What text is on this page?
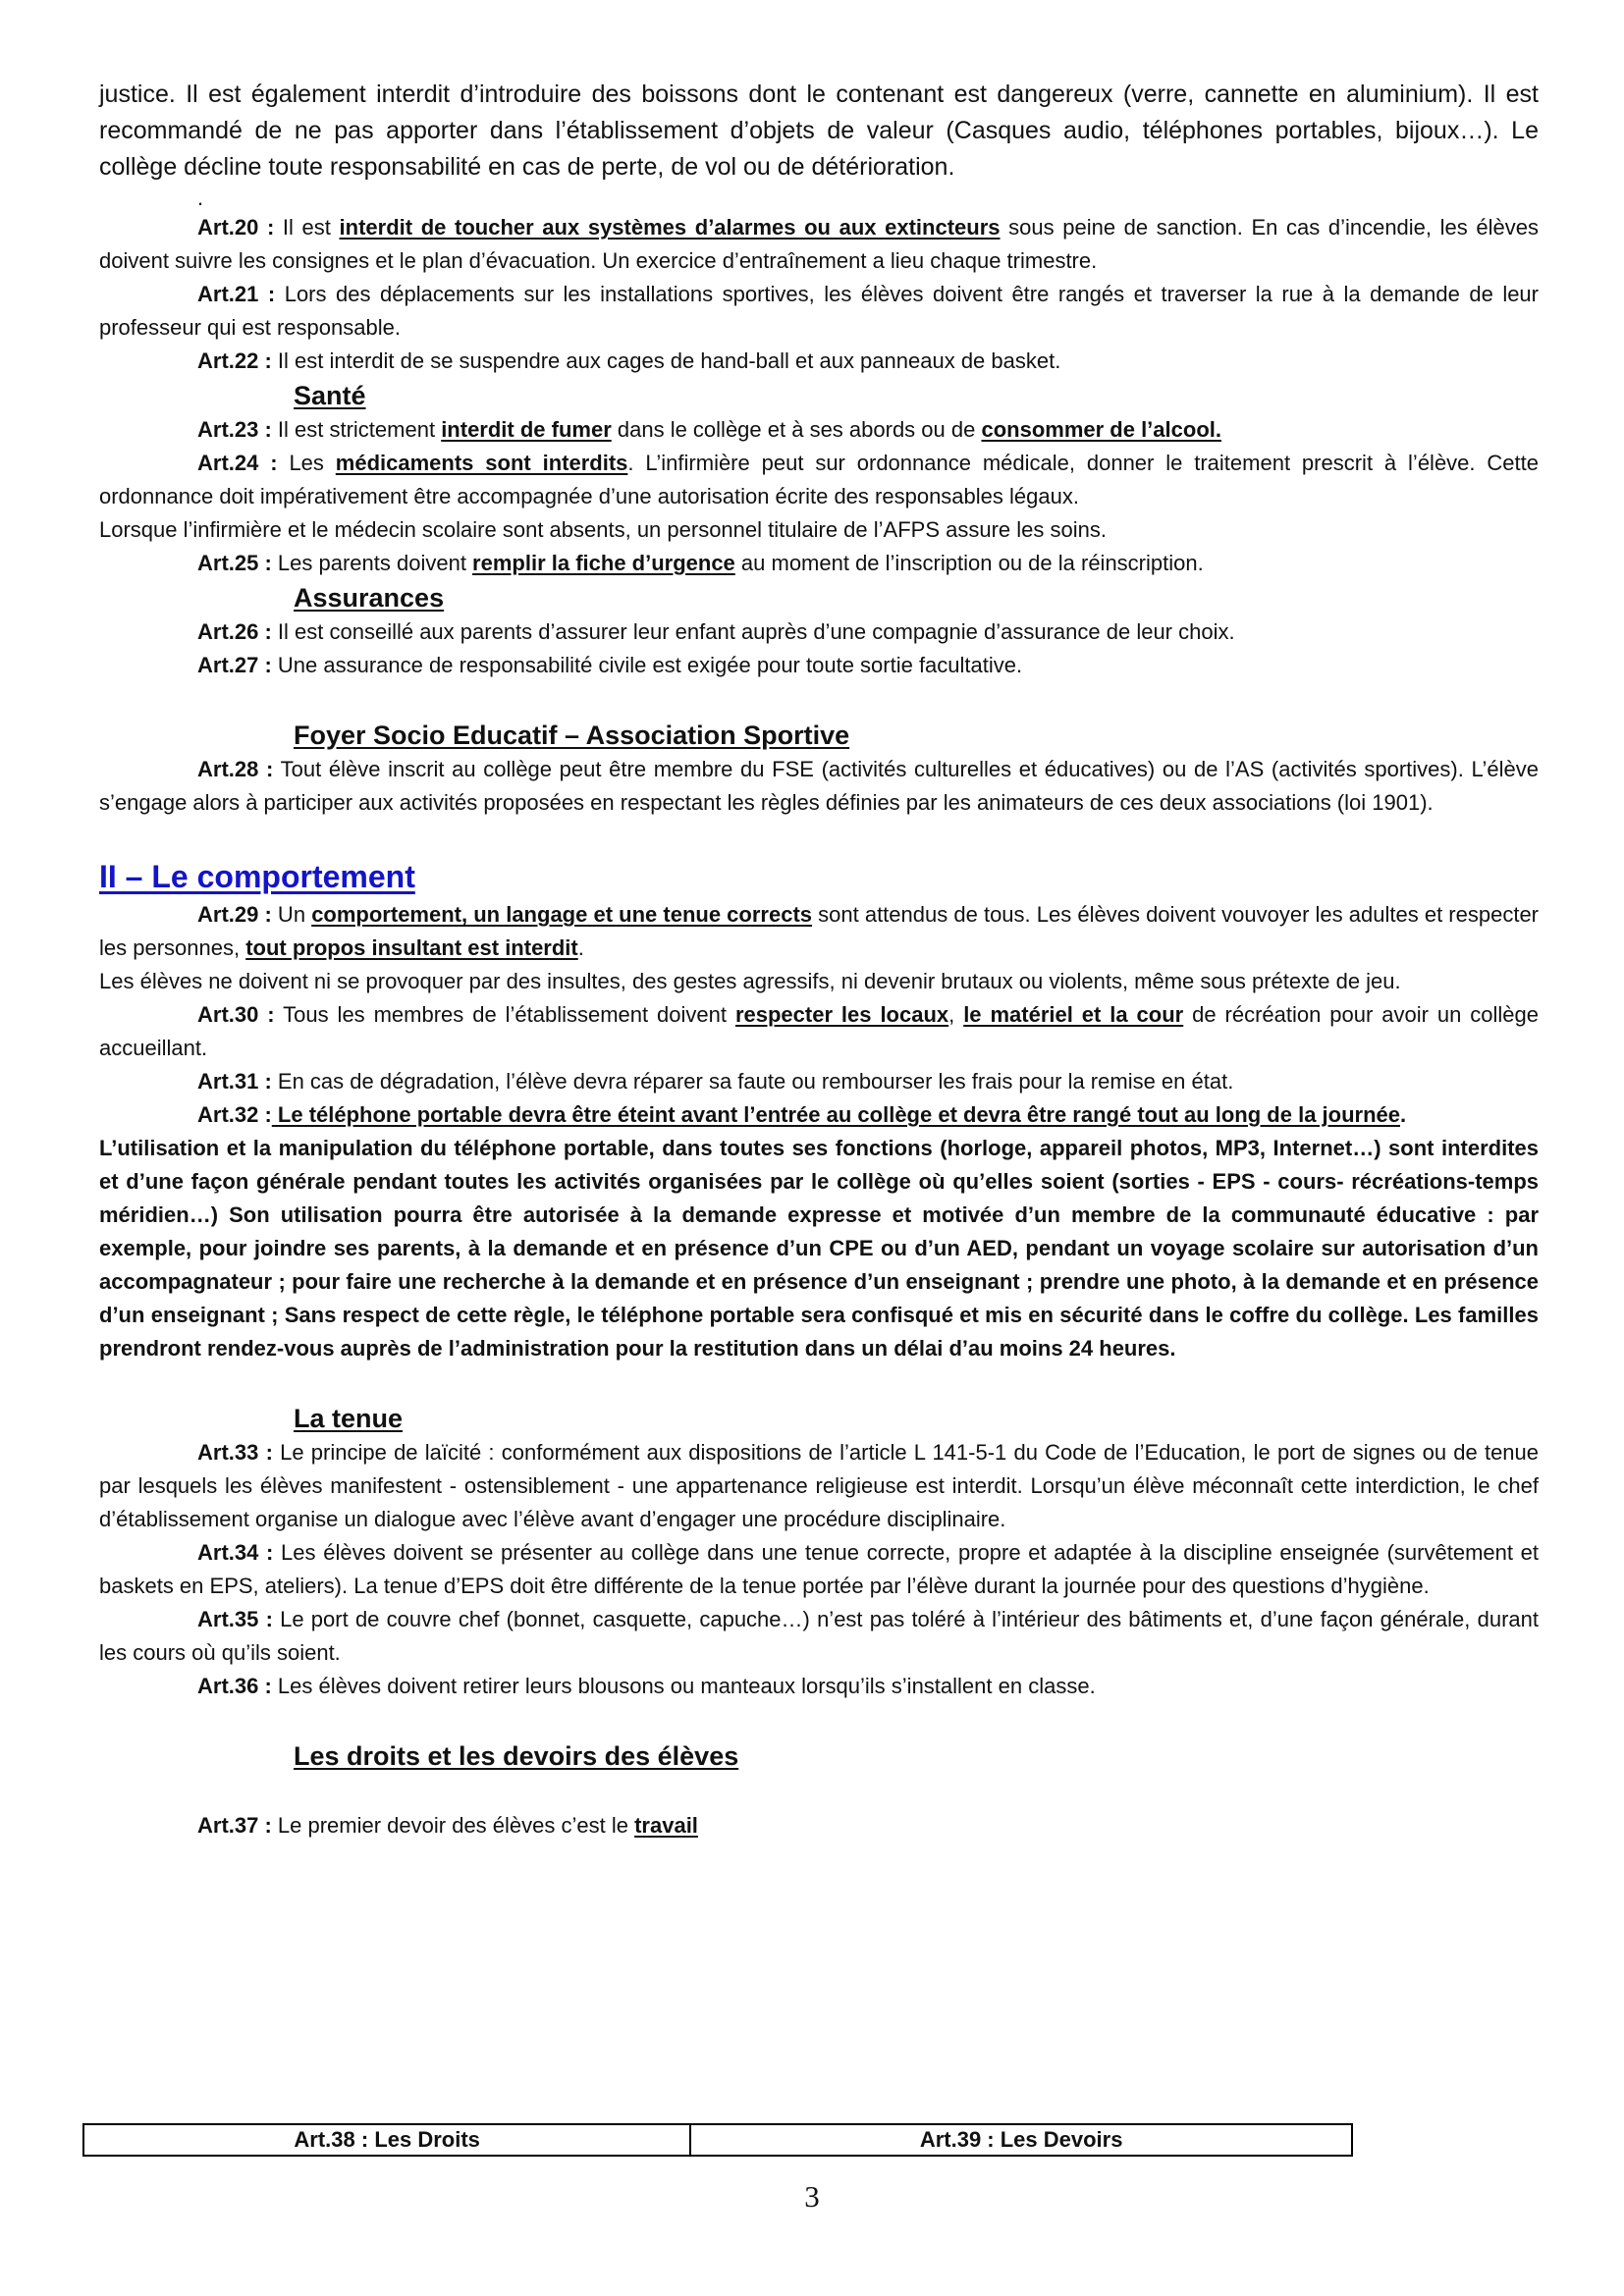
justice. Il est également interdit d’introduire des boissons dont le contenant est dangereux (verre, cannette en aluminium). Il est recommandé de ne pas apporter dans l’établissement d’objets de valeur (Casques audio, téléphones portables, bijoux…). Le collège décline toute responsabilité en cas de perte, de vol ou de détérioration.

.

Art.20 : Il est interdit de toucher aux systèmes d’alarmes ou aux extincteurs sous peine de sanction. En cas d’incendie, les élèves doivent suivre les consignes et le plan d’évacuation. Un exercice d’entraînement a lieu chaque trimestre.

Art.21 : Lors des déplacements sur les installations sportives, les élèves doivent être rangés et traverser la rue à la demande de leur professeur qui est responsable.

Art.22 : Il est interdit de se suspendre aux cages de hand-ball et aux panneaux de basket.

Santé

Art.23 : Il est strictement interdit de fumer dans le collège et à ses abords ou de consommer de l’alcool.

Art.24 : Les médicaments sont interdits. L’infirmière peut sur ordonnance médicale, donner le traitement prescrit à l’élève. Cette ordonnance doit impérativement être accompagnée d’une autorisation écrite des responsables légaux.

Lorsque l’infirmière et le médecin scolaire sont absents, un personnel titulaire de l’AFPS assure les soins.

Art.25 : Les parents doivent remplir la fiche d’urgence au moment de l’inscription ou de la réinscription.

Assurances

Art.26 : Il est conseillé aux parents d’assurer leur enfant auprès d’une compagnie d’assurance de leur choix.

Art.27 : Une assurance de responsabilité civile est exigée pour toute sortie facultative.

Foyer Socio Educatif – Association Sportive

Art.28 : Tout élève inscrit au collège peut être membre du FSE (activités culturelles et éducatives) ou de l’AS (activités sportives). L’élève s’engage alors à participer aux activités proposées en respectant les règles définies par les animateurs de ces deux associations (loi 1901).

II – Le comportement

Art.29 : Un comportement, un langage et une tenue corrects sont attendus de tous. Les élèves doivent vouvoyer les adultes et respecter les personnes, tout propos insultant est interdit.

Les élèves ne doivent ni se provoquer par des insultes, des gestes agressifs, ni devenir brutaux ou violents, même sous prétexte de jeu.

Art.30 : Tous les membres de l’établissement doivent respecter les locaux, le matériel et la cour de récréation pour avoir un collège accueillant.

Art.31 : En cas de dégradation, l’élève devra réparer sa faute ou rembourser les frais pour la remise en état.

Art.32 : Le téléphone portable devra être éteint avant l’entrée au collège et devra être rangé tout au long de la journée.

L’utilisation et la manipulation du téléphone portable, dans toutes ses fonctions (horloge, appareil photos, MP3, Internet…) sont interdites et d’une façon générale pendant toutes les activités organisées par le collège où qu’elles soient (sorties - EPS - cours- récréations-temps méridien…) Son utilisation pourra être autorisée à la demande expresse et motivée d’un membre de la communauté éducative : par exemple, pour joindre ses parents, à la demande et en présence d’un CPE ou d’un AED, pendant un voyage scolaire sur autorisation d’un accompagnateur ; pour faire une recherche à la demande et en présence d’un enseignant ; prendre une photo, à la demande et en présence d’un enseignant ; Sans respect de cette règle, le téléphone portable sera confisqué et mis en sécurité dans le coffre du collège. Les familles prendront rendez-vous auprès de l’administration pour la restitution dans un délai d’au moins 24 heures.

La tenue

Art.33 : Le principe de laïcité : conformément aux dispositions de l’article L 141-5-1 du Code de l’Education, le port de signes ou de tenue par lesquels les élèves manifestent - ostensiblement - une appartenance religieuse est interdit. Lorsqu’un élève méconnaît cette interdiction, le chef d’établissement organise un dialogue avec l’élève avant d’engager une procédure disciplinaire.

Art.34 : Les élèves doivent se présenter au collège dans une tenue correcte, propre et adaptée à la discipline enseignée (survêtement et baskets en EPS, ateliers). La tenue d’EPS doit être différente de la tenue portée par l’élève durant la journée pour des questions d’hygiène.

Art.35 : Le port de couvre chef (bonnet, casquette, capuche…) n’est pas toléré à l’intérieur des bâtiments et, d’une façon générale, durant les cours où qu’ils soient.

Art.36 : Les élèves doivent retirer leurs blousons ou manteaux lorsqu’ils s’installent en classe.

Les droits et les devoirs des élèves

Art.37 : Le premier devoir des élèves c’est le travail

Art.38 : Les Droits	Art.39 : Les Devoirs
3
